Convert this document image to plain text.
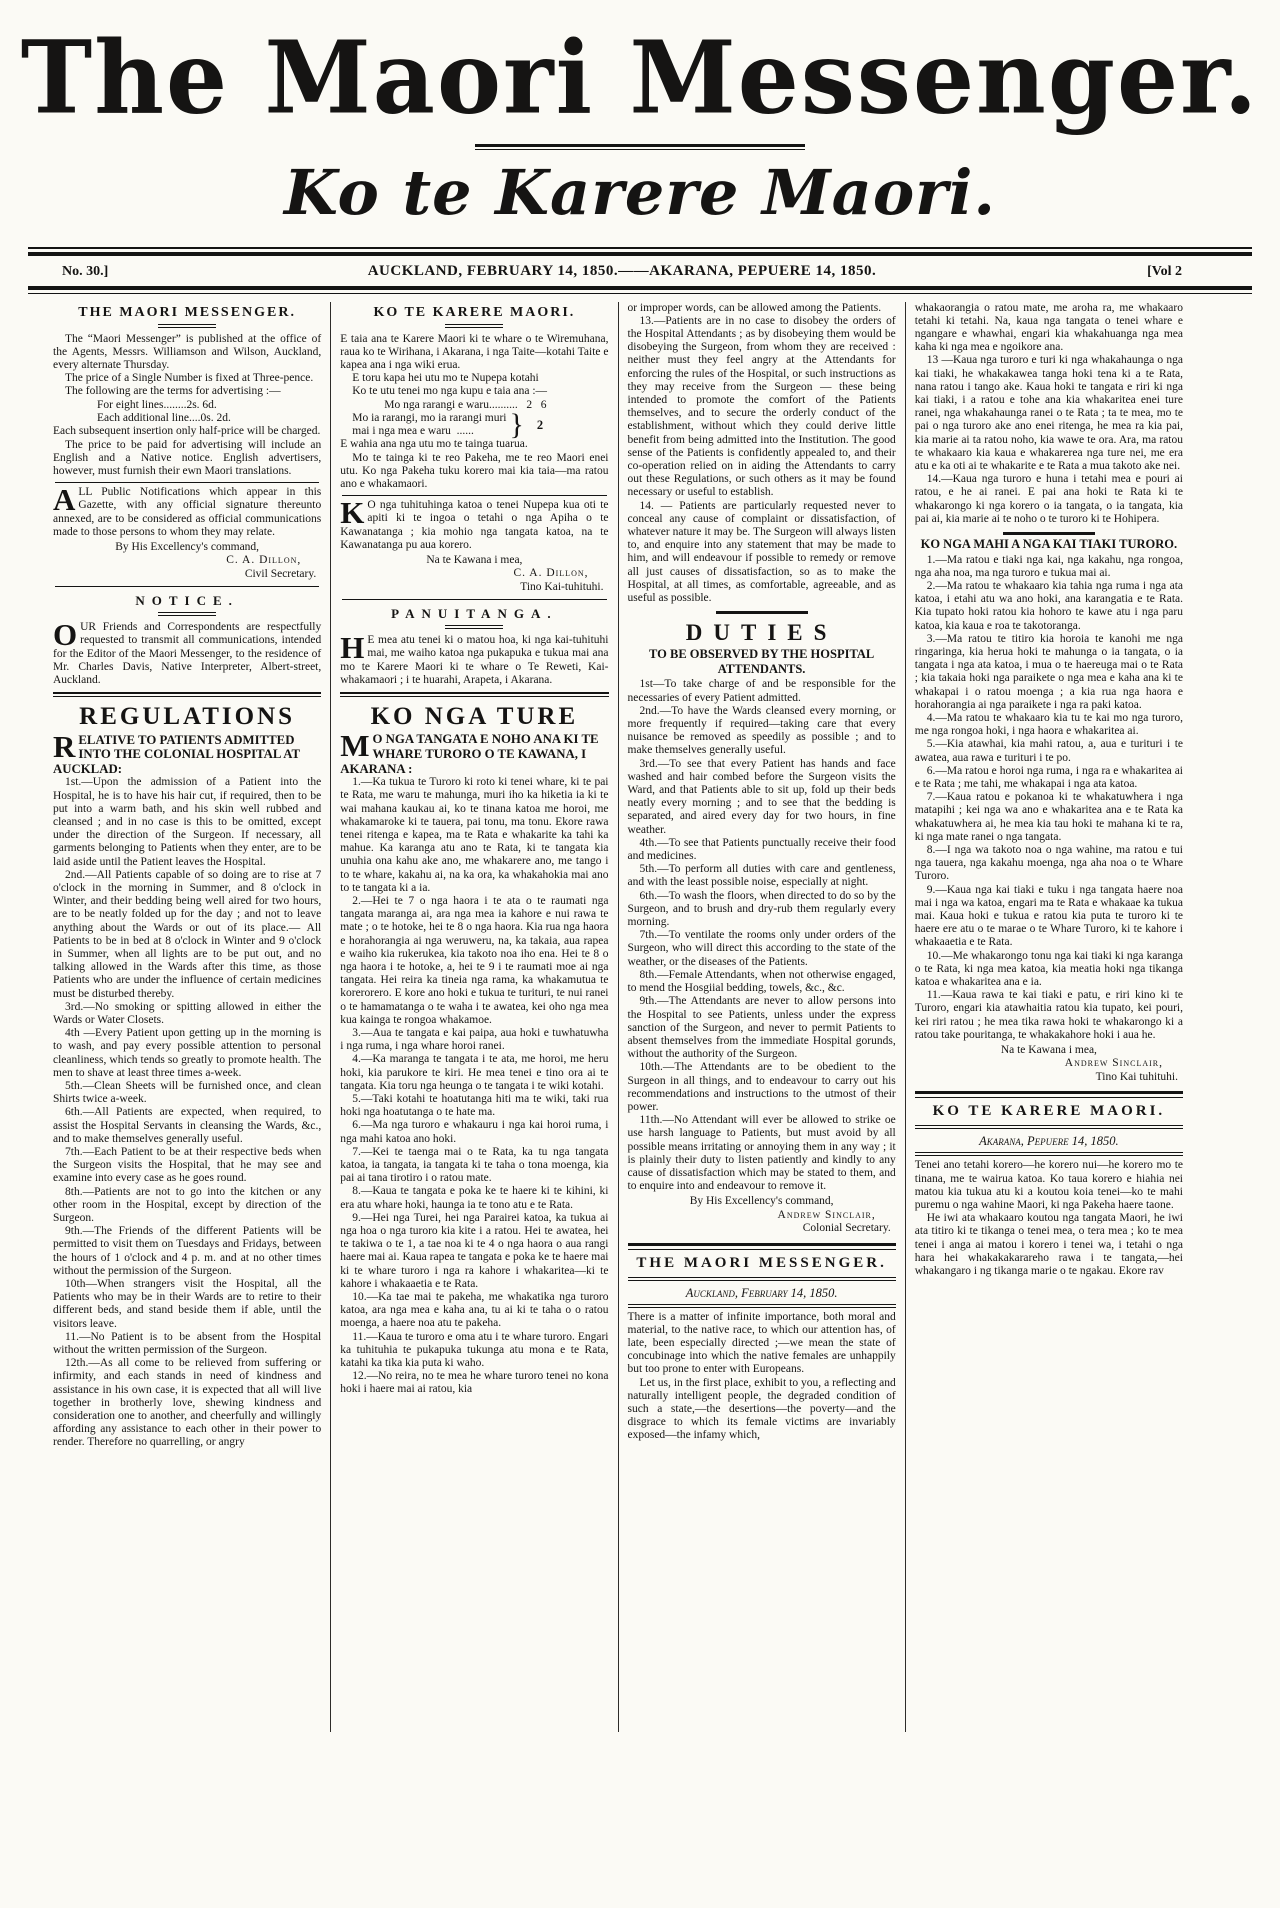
The Maori Messenger.
Ko te Karere Maori.
No. 30.]	AUCKLAND, FEBRUARY 14, 1850.——AKARANA, PEPUERE 14, 1850.	[Vol 2
THE MAORI MESSENGER.

The “Maori Messenger” is published at the office of the Agents, Messrs. Williamson and Wilson, Auckland, every alternate Thursday.

The price of a Single Number is fixed at Three-pence.

The following are the terms for advertising :—

For eight lines........2s. 6d.
Each additional line....0s. 2d.

Each subsequent insertion only half-price will be charged.

The price to be paid for advertising will include an English and a Native notice. English advertisers, however, must furnish their ewn Maori translations.

ALL Public Notifications which appear in this Gazette, with any official signature thereunto annexed, are to be considered as official communications made to those persons to whom they may relate.

By His Excellency's command,
C. A. Dillon,
Civil Secretary.
NOTICE.

OUR Friends and Correspondents are respectfully requested to transmit all communications, intended for the Editor of the Maori Messenger, to the residence of Mr. Charles Davis, Native Interpreter, Albert-street, Auckland.

REGULATIONS

RELATIVE TO PATIENTS ADMITTED INTO THE COLONIAL HOSPITAL AT AUCKLAD:

1st.—Upon the admission of a Patient into the Hospital, he is to have his hair cut, if required, then to be put into a warm bath, and his skin well rubbed and cleansed ; and in no case is this to be omitted, except under the direction of the Surgeon. If necessary, all garments belonging to Patients when they enter, are to be laid aside until the Patient leaves the Hospital.

2nd.—All Patients capable of so doing are to rise at 7 o'clock in the morning in Summer, and 8 o'clock in Winter, and their bedding being well aired for two hours, are to be neatly folded up for the day ; and not to leave anything about the Wards or out of its place.— All Patients to be in bed at 8 o'clock in Winter and 9 o'clock in Summer, when all lights are to be put out, and no talking allowed in the Wards after this time, as those Patients who are under the influence of certain medicines must be disturbed thereby.

3rd.—No smoking or spitting allowed in either the Wards or Water Closets.

4th —Every Patient upon getting up in the morning is to wash, and pay every possible attention to personal cleanliness, which tends so greatly to promote health. The men to shave at least three times a-week.

5th.—Clean Sheets will be furnished once, and clean Shirts twice a-week.

6th.—All Patients are expected, when required, to assist the Hospital Servants in cleansing the Wards, &c., and to make themselves generally useful.

7th.—Each Patient to be at their respective beds when the Surgeon visits the Hospital, that he may see and examine into every case as he goes round.

8th.—Patients are not to go into the kitchen or any other room in the Hospital, except by direction of the Surgeon.

9th.—The Friends of the different Patients will be permitted to visit them on Tuesdays and Fridays, between the hours of 1 o'clock and 4 p. m. and at no other times without the permission of the Surgeon.

10th—When strangers visit the Hospital, all the Patients who may be in their Wards are to retire to their different beds, and stand beside them if able, until the visitors leave.

11.—No Patient is to be absent from the Hospital without the written permission of the Surgeon.

12th.—As all come to be relieved from suffering or infirmity, and each stands in need of kindness and assistance in his own case, it is expected that all will live together in brotherly love, shewing kindness and consideration one to another, and cheerfully and willingly affording any assistance to each other in their power to render. Therefore no quarrelling, or angry

KO TE KARERE MAORI.

E taia ana te Karere Maori ki te whare o te Wiremuhana, raua ko te Wirihana, i Akarana, i nga Taite—kotahi Taite e kapea ana i nga wiki erua.

E toru kapa hei utu mo te Nupepa kotahi

Ko te utu tenei mo nga kupu e taia ana :—

Mo nga rarangi e waru..........   2   6
Mo ia rarangi, mo ia rarangi muri
mai i nga mea e waru  ......	} 2

E wahia ana nga utu mo te tainga tuarua.

Mo te tainga ki te reo Pakeha, me te reo Maori enei utu. Ko nga Pakeha tuku korero mai kia taia—ma ratou ano e whakamaori.

K O nga tuhituhinga katoa o tenei Nupepa kua oti te apiti ki te ingoa o tetahi o nga Apiha o te Kawanatanga ; kia mohio nga tangata katoa, na te Kawanatanga pu aua korero.

Na te Kawana i mea,
C. A. Dillon,
Tino Kai-tuhituhi.
PANUITANGA.

H E mea atu tenei ki o matou hoa, ki nga kai-tuhituhi mai, me waiho katoa nga pukapuka e tukua mai ana mo te Karere Maori ki te whare o Te Reweti, Kai-whakamaori ; i te huarahi, Arapeta, i Akarana.

KO NGA TURE

M O NGA TANGATA E NOHO ANA KI TE WHARE TURORO O TE KAWANA, I AKARANA :

1.—Ka tukua te Turoro ki roto ki tenei whare, ki te pai te Rata, me waru te mahunga, muri iho ka hiketia ia ki te wai mahana kaukau ai, ko te tinana katoa me horoi, me whakamaroke ki te tauera, pai tonu, ma tonu. Ekore rawa tenei ritenga e kapea, ma te Rata e whakarite ka tahi ka mahue. Ka karanga atu ano te Rata, ki te tangata kia unuhia ona kahu ake ano, me whakarere ano, me tango i to te whare, kakahu ai, na ka ora, ka whakahokia mai ano to te tangata ki a ia.

2.—Hei te 7 o nga haora i te ata o te raumati nga tangata maranga ai, ara nga mea ia kahore e nui rawa te mate ; o te hotoke, hei te 8 o nga haora. Kia rua nga haora e horahorangia ai nga weruweru, na, ka takaia, aua rapea e waiho kia rukerukea, kia takoto noa iho ena. Hei te 8 o nga haora i te hotoke, a, hei te 9 i te raumati moe ai nga tangata. Hei reira ka tineia nga rama, ka whakamutua te korerorero. E kore ano hoki e tukua te turituri, te nui ranei o te hamamatanga o te waha i te awatea, kei oho nga mea kua kainga te rongoa whakamoe.

3.—Aua te tangata e kai paipa, aua hoki e tuwhatuwha i nga ruma, i nga whare horoi ranei.

4.—Ka maranga te tangata i te ata, me horoi, me heru hoki, kia parukore te kiri. He mea tenei e tino ora ai te tangata. Kia toru nga heunga o te tangata i te wiki kotahi.

5.—Taki kotahi te hoatutanga hiti ma te wiki, taki rua hoki nga hoatutanga o te hate ma.

6.—Ma nga turoro e whakauru i nga kai horoi ruma, i nga mahi katoa ano hoki.

7.—Kei te taenga mai o te Rata, ka tu nga tangata katoa, ia tangata, ia tangata ki te taha o tona moenga, kia pai ai tana tirotiro i o ratou mate.

8.—Kaua te tangata e poka ke te haere ki te kihini, ki era atu whare hoki, haunga ia te tono atu e te Rata.

9.—Hei nga Turei, hei nga Parairei katoa, ka tukua ai nga hoa o nga turoro kia kite i a ratou. Hei te awatea, hei te takiwa o te 1, a tae noa ki te 4 o nga haora o aua rangi haere mai ai. Kaua rapea te tangata e poka ke te haere mai ki te whare turoro i nga ra kahore i whakaritea—ki te kahore i whakaaetia e te Rata.

10.—Ka tae mai te pakeha, me whakatika nga turoro katoa, ara nga mea e kaha ana, tu ai ki te taha o o ratou moenga, a haere noa atu te pakeha.

11.—Kaua te turoro e oma atu i te whare turoro. Engari ka tuhituhia te pukapuka tukunga atu mona e te Rata, katahi ka tika kia puta ki waho.

12.—No reira, no te mea he whare turoro tenei no kona hoki i haere mai ai ratou, kia

or improper words, can be allowed among the Patients.

13.—Patients are in no case to disobey the orders of the Hospital Attendants ; as by disobeying them would be disobeying the Surgeon, from whom they are received : neither must they feel angry at the Attendants for enforcing the rules of the Hospital, or such instructions as they may receive from the Surgeon — these being intended to promote the comfort of the Patients themselves, and to secure the orderly conduct of the establishment, without which they could derive little benefit from being admitted into the Institution. The good sense of the Patients is confidently appealed to, and their co-operation relied on in aiding the Attendants to carry out these Regulations, or such others as it may be found necessary or useful to establish.

14. — Patients are particularly requested never to conceal any cause of complaint or dissatisfaction, of whatever nature it may be. The Surgeon will always listen to, and enquire into any statement that may be made to him, and will endeavour if possible to remedy or remove all just causes of dissatisfaction, so as to make the Hospital, at all times, as comfortable, agreeable, and as useful as possible.

DUTIES
TO BE OBSERVED BY THE HOSPITAL ATTENDANTS.

1st—To take charge of and be responsible for the necessaries of every Patient admitted.

2nd.—To have the Wards cleansed every morning, or more frequently if required—taking care that every nuisance be removed as speedily as possible ; and to make themselves generally useful.

3rd.—To see that every Patient has hands and face washed and hair combed before the Surgeon visits the Ward, and that Patients able to sit up, fold up their beds neatly every morning ; and to see that the bedding is separated, and aired every day for two hours, in fine weather.

4th.—To see that Patients punctually receive their food and medicines.

5th.—To perform all duties with care and gentleness, and with the least possible noise, especially at night.

6th.—To wash the floors, when directed to do so by the Surgeon, and to brush and dry-rub them regularly every morning.

7th.—To ventilate the rooms only under orders of the Surgeon, who will direct this according to the state of the weather, or the diseases of the Patients.

8th.—Female Attendants, when not otherwise engaged, to mend the Hosgiial bedding, towels, &c., &c.

9th.—The Attendants are never to allow persons into the Hospital to see Patients, unless under the express sanction of the Surgeon, and never to permit Patients to absent themselves from the immediate Hospital gorunds, without the authority of the Surgeon.

10th.—The Attendants are to be obedient to the Surgeon in all things, and to endeavour to carry out his recommendations and instructions to the utmost of their power.

11th.—No Attendant will ever be allowed to strike oe use harsh language to Patients, but must avoid by all possible means irritating or annoying them in any way ; it is plainly their duty to listen patiently and kindly to any cause of dissatisfaction which may be stated to them, and to enquire into and endeavour to remove it.

By His Excellency's command,
Andrew Sinclair,
Colonial Secretary.
THE MAORI MESSENGER.
Auckland, February 14, 1850.

There is a matter of infinite importance, both moral and material, to the native race, to which our attention has, of late, been especially directed ;—we mean the state of concubinage into which the native females are unhappily but too prone to enter with Europeans.

Let us, in the first place, exhibit to you, a reflecting and naturally intelligent people, the degraded condition of such a state,—the desertions—the poverty—and the disgrace to which its female victims are invariably exposed—the infamy which,

whakaorangia o ratou mate, me aroha ra, me whakaaro tetahi ki tetahi. Na, kaua nga tangata o tenei whare e ngangare e whawhai, engari kia whakahuanga nga mea kaha ki nga mea e ngoikore ana.

13 —Kaua nga turoro e turi ki nga whakahaunga o nga kai tiaki, he whakakawea tanga hoki tena ki a te Rata, nana ratou i tango ake. Kaua hoki te tangata e riri ki nga kai tiaki, i a ratou e tohe ana kia whakaritea enei ture ranei, nga whakahaunga ranei o te Rata ; ta te mea, mo te pai o nga turoro ake ano enei ritenga, he mea ra kia pai, kia marie ai ta ratou noho, kia wawe te ora. Ara, ma ratou te whakaaro kia kaua e whakarerea nga ture nei, me era atu e ka oti ai te whakarite e te Rata a mua takoto ake nei.

14.—Kaua nga turoro e huna i tetahi mea e pouri ai ratou, e he ai ranei. E pai ana hoki te Rata ki te whakarongo ki nga korero o ia tangata, o ia tangata, kia pai ai, kia marie ai te noho o te turoro ki te Hohipera.

KO NGA MAHI A NGA KAI TIAKI TURORO.

1.—Ma ratou e tiaki nga kai, nga kakahu, nga rongoa, nga aha noa, ma nga turoro e tukua mai ai.

2.—Ma ratou te whakaaro kia tahia nga ruma i nga ata katoa, i etahi atu wa ano hoki, ana karangatia e te Rata. Kia tupato hoki ratou kia hohoro te kawe atu i nga paru katoa, kia kaua e roa te takotoranga.

3.—Ma ratou te titiro kia horoia te kanohi me nga ringaringa, kia herua hoki te mahunga o ia tangata, o ia tangata i nga ata katoa, i mua o te haereuga mai o te Rata ; kia takaia hoki nga paraikete o nga mea e kaha ana ki te whakapai i o ratou moenga ; a kia rua nga haora e horahorangia ai nga paraikete i nga ra paki katoa.

4.—Ma ratou te whakaaro kia tu te kai mo nga turoro, me nga rongoa hoki, i nga haora e whakaritea ai.

5.—Kia atawhai, kia mahi ratou, a, aua e turituri i te awatea, aua rawa e turituri i te po.

6.—Ma ratou e horoi nga ruma, i nga ra e whakaritea ai e te Rata ; me tahi, me whakapai i nga ata katoa.

7.—Kaua ratou e pokanoa ki te whakatuwhera i nga matapihi ; kei nga wa ano e whakaritea ana e te Rata ka whakatuwhera ai, he mea kia tau hoki te mahana ki te ra, ki nga mate ranei o nga tangata.

8.—I nga wa takoto noa o nga wahine, ma ratou e tui nga tauera, nga kakahu moenga, nga aha noa o te Whare Turoro.

9.—Kaua nga kai tiaki e tuku i nga tangata haere noa mai i nga wa katoa, engari ma te Rata e whakaae ka tukua mai. Kaua hoki e tukua e ratou kia puta te turoro ki te haere ere atu o te marae o te Whare Turoro, ki te kahore i whakaaetia e te Rata.

10.—Me whakarongo tonu nga kai tiaki ki nga karanga o te Rata, ki nga mea katoa, kia meatia hoki nga tikanga katoa e whakaritea ana e ia.

11.—Kaua rawa te kai tiaki e patu, e riri kino ki te Turoro, engari kia atawhaitia ratou kia tupato, kei pouri, kei riri ratou ; he mea tika rawa hoki te whakarongo ki a ratou take pouritanga, te whakakahore hoki i aua he.

Na te Kawana i mea,
Andrew Sinclair,
Tino Kai tuhituhi.
KO TE KARERE MAORI.
Akarana, Pepuere 14, 1850.

Tenei ano tetahi korero—he korero nui—he korero mo te tinana, me te wairua katoa. Ko taua korero e hiahia nei matou kia tukua atu ki a koutou koia tenei—ko te mahi puremu o nga wahine Maori, ki nga Pakeha haere taone.

He iwi ata whakaaro koutou nga tangata Maori, he iwi ata titiro ki te tikanga o tenei mea, o tera mea ; ko te mea tenei i anga ai matou i korero i tenei wa, i tetahi o nga hara hei whakakakarareho rawa i te tangata,—hei whakangaro i ng tikanga marie o te ngakau. Ekore rav
